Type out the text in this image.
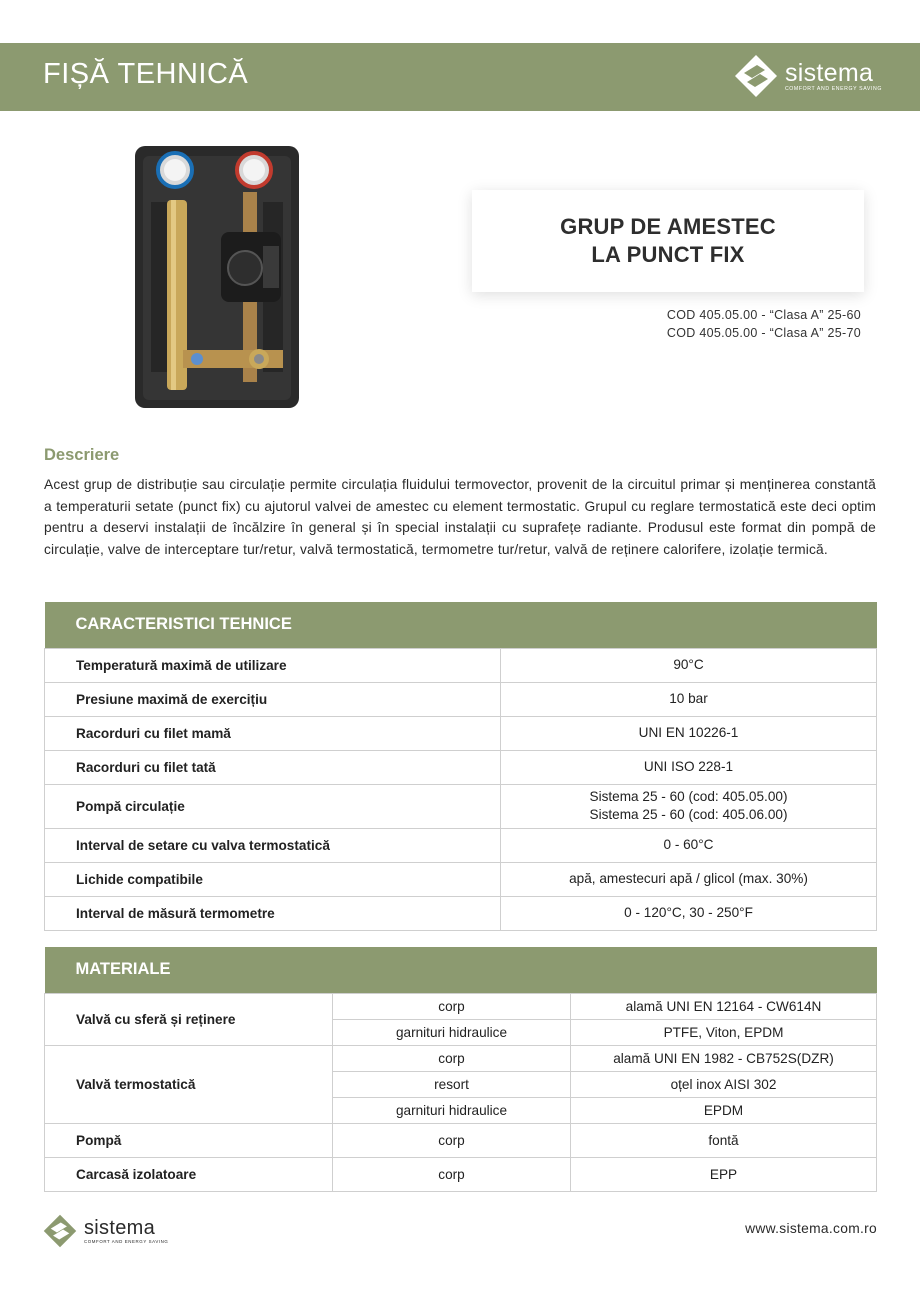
FIȘĂ TEHNICĂ	sistema
COMFORT AND ENERGY SAVING
GRUP DE AMESTEC
LA PUNCT FIX
COD 405.05.00 - “Clasa A” 25-60
COD 405.05.00 - “Clasa A” 25-70
Descriere
Acest grup de distribuție sau circulație permite circulația fluidului termovector, provenit de la circuitul primar și menținerea constantă a temperaturii setate (punct fix) cu ajutorul valvei de amestec cu element termostatic. Grupul cu reglare termostatică este deci optim pentru a deservi instalații de încălzire în general și în special instalații cu suprafețe radiante. Produsul este format din pompă de circulație, valve de interceptare tur/retur, valvă termostatică, termometre tur/retur, valvă de reținere calorifere, izolație termică.
CARACTERISTICI TEHNICE	
Temperatură maximă de utilizare	90°C
Presiune maximă de exercițiu	10 bar
Racorduri cu filet mamă	UNI EN 10226-1
Racorduri cu filet tată	UNI ISO 228-1
Pompă circulație	Sistema 25 - 60 (cod: 405.05.00)
Sistema 25 - 60 (cod: 405.06.00)

Interval de setare cu valva termostatică	0 - 60°C
Lichide compatibile	apă, amestecuri apă / glicol (max. 30%)
Interval de măsură termometre	0 - 120°C, 30 - 250°F
MATERIALE		
Valvă cu sferă și reținere	corp	alamă UNI EN 12164 - CW614N
	garnituri hidraulice	PTFE, Viton, EPDM
Valvă termostatică	corp	alamă UNI EN 1982 - CB752S(DZR)
	resort	oțel inox AISI 302
	garnituri hidraulice	EPDM
Pompă	corp	fontă
Carcasă izolatoare	corp	EPP
sistema
COMFORT AND ENERGY SAVING
www.sistema.com.ro
